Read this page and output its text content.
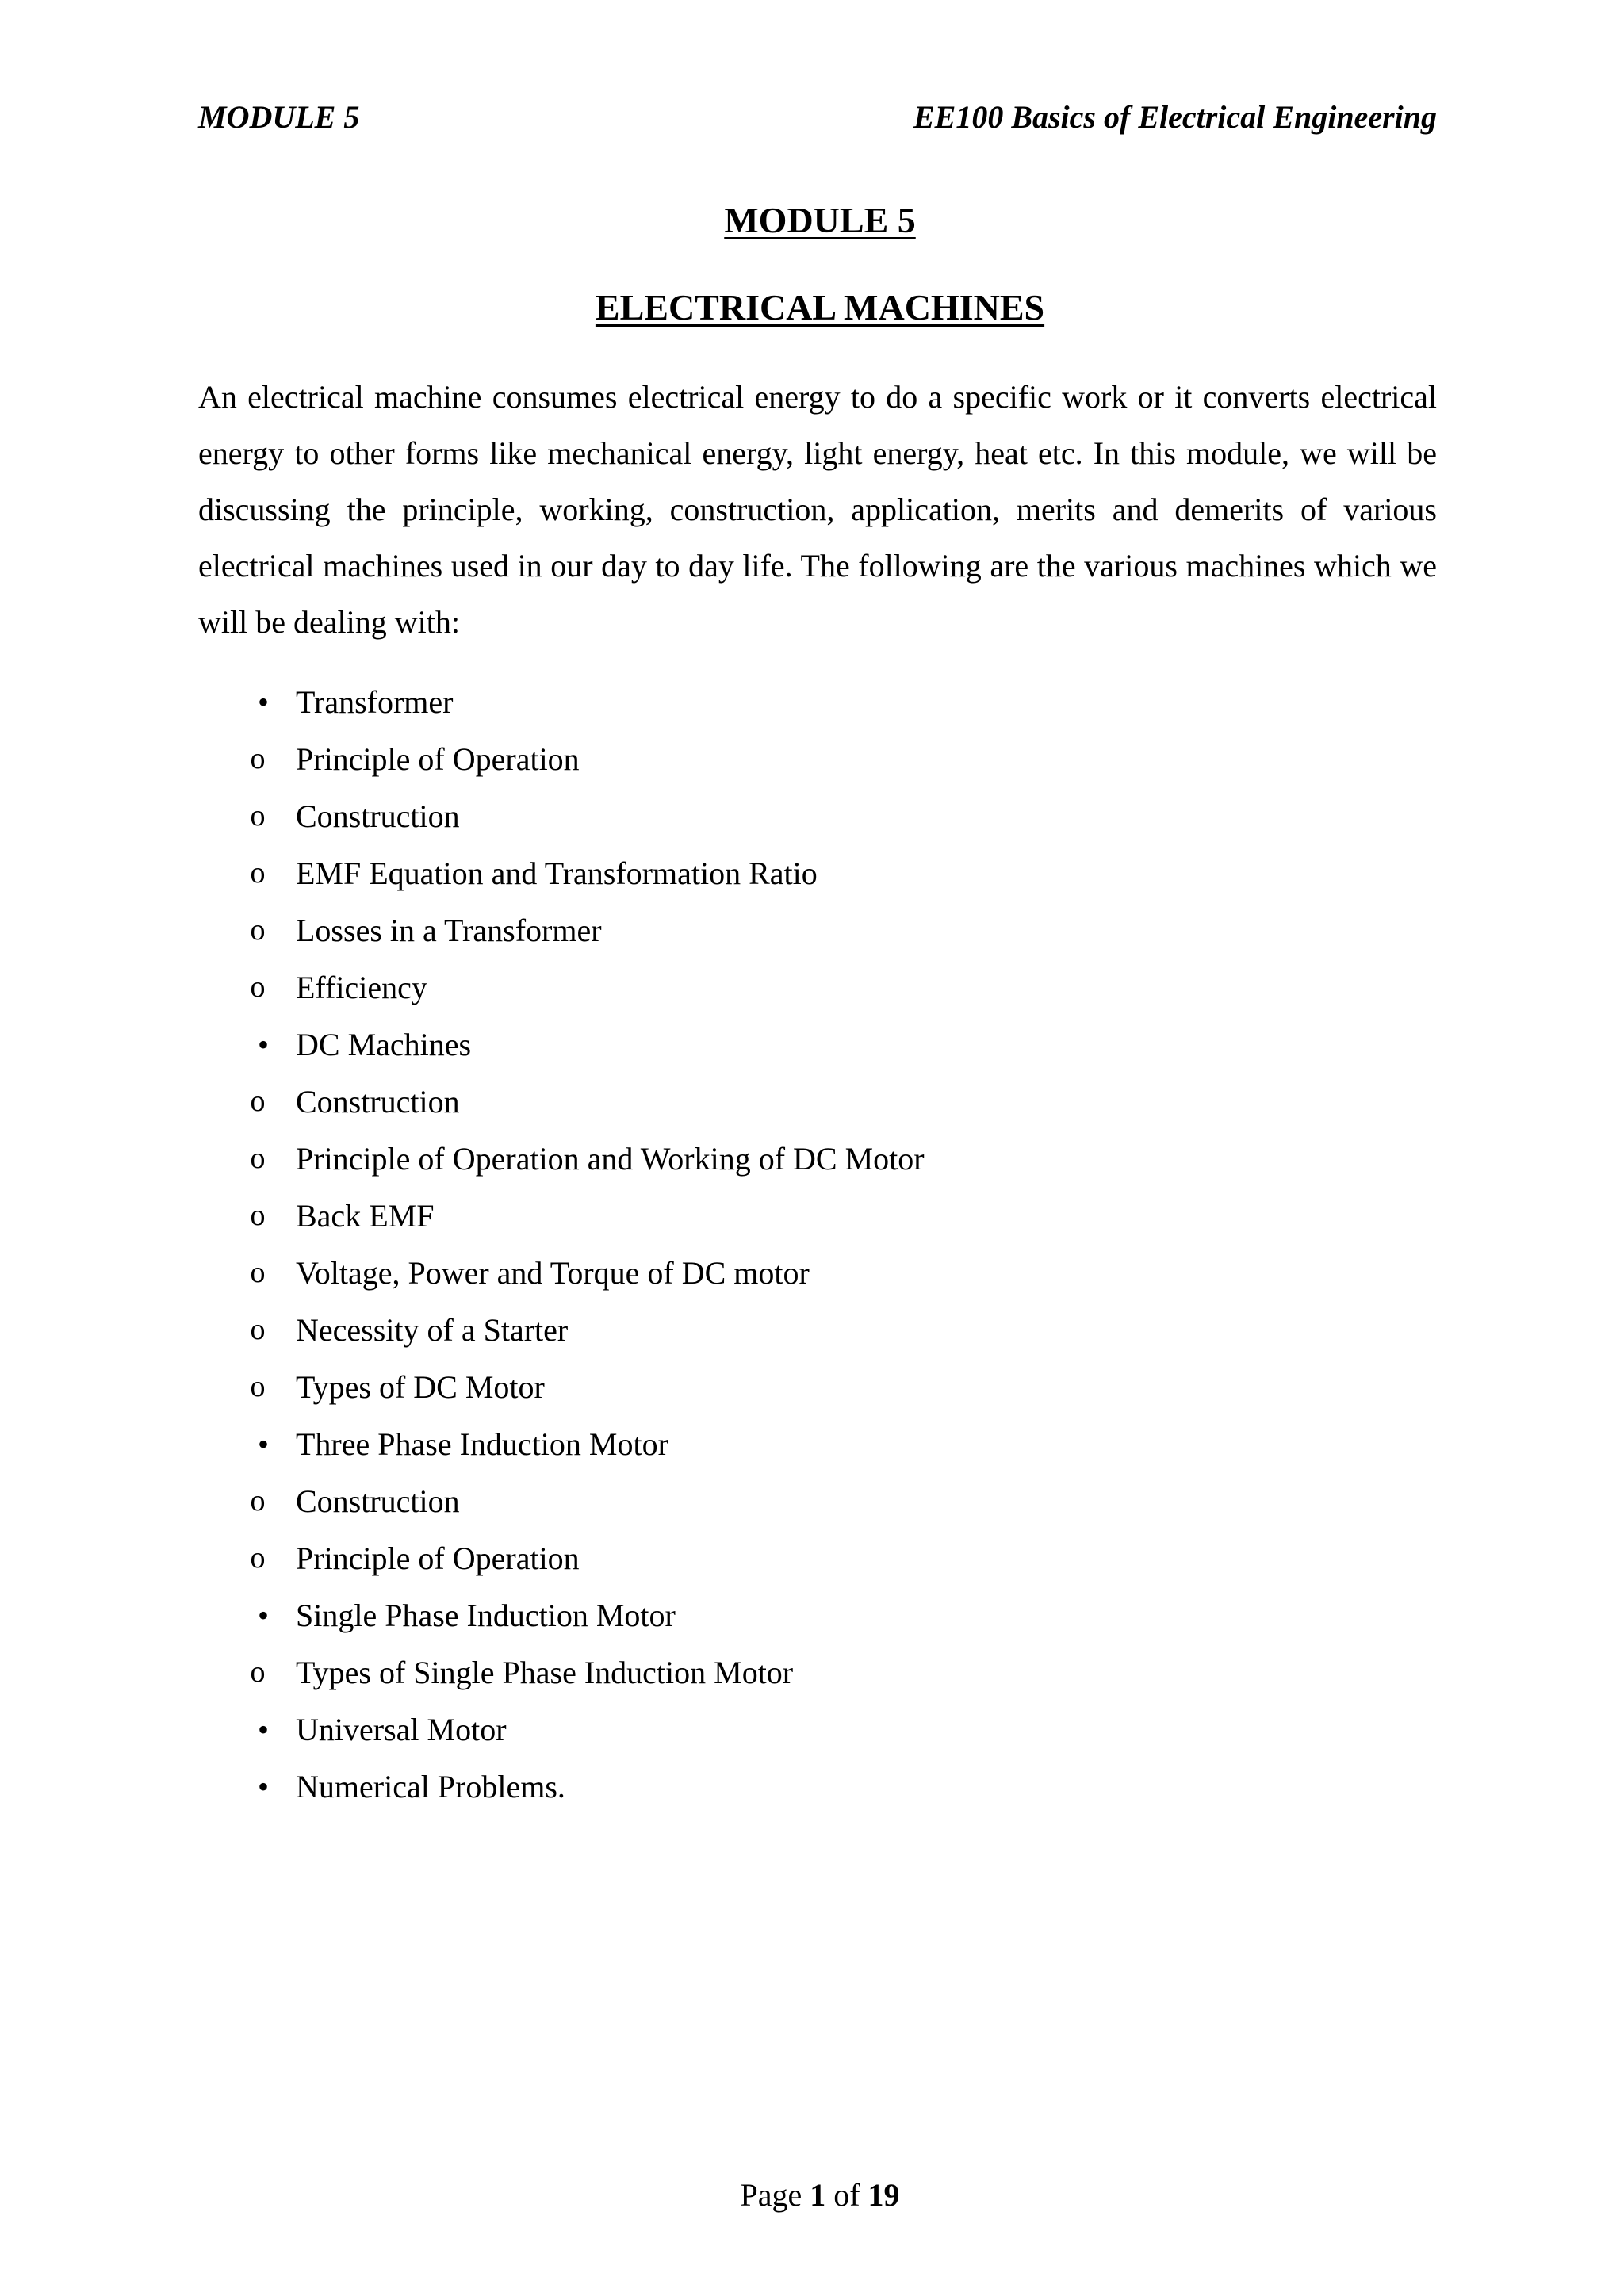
MODULE 5	EE100 Basics of Electrical Engineering
MODULE 5
ELECTRICAL MACHINES

An electrical machine consumes electrical energy to do a specific work or it converts electrical energy to other forms like mechanical energy, light energy, heat etc. In this module, we will be discussing the principle, working, construction, application, merits and demerits of various electrical machines used in our day to day life. The following are the various machines which we will be dealing with:

• Transformer
o Principle of Operation
o Construction
o EMF Equation and Transformation Ratio
o Losses in a Transformer
o Efficiency
• DC Machines
o Construction
o Principle of Operation and Working of DC Motor
o Back EMF
o Voltage, Power and Torque of DC motor
o Necessity of a Starter
o Types of DC Motor
• Three Phase Induction Motor
o Construction
o Principle of Operation
• Single Phase Induction Motor
o Types of Single Phase Induction Motor
• Universal Motor
• Numerical Problems.
Page 1 of 19
